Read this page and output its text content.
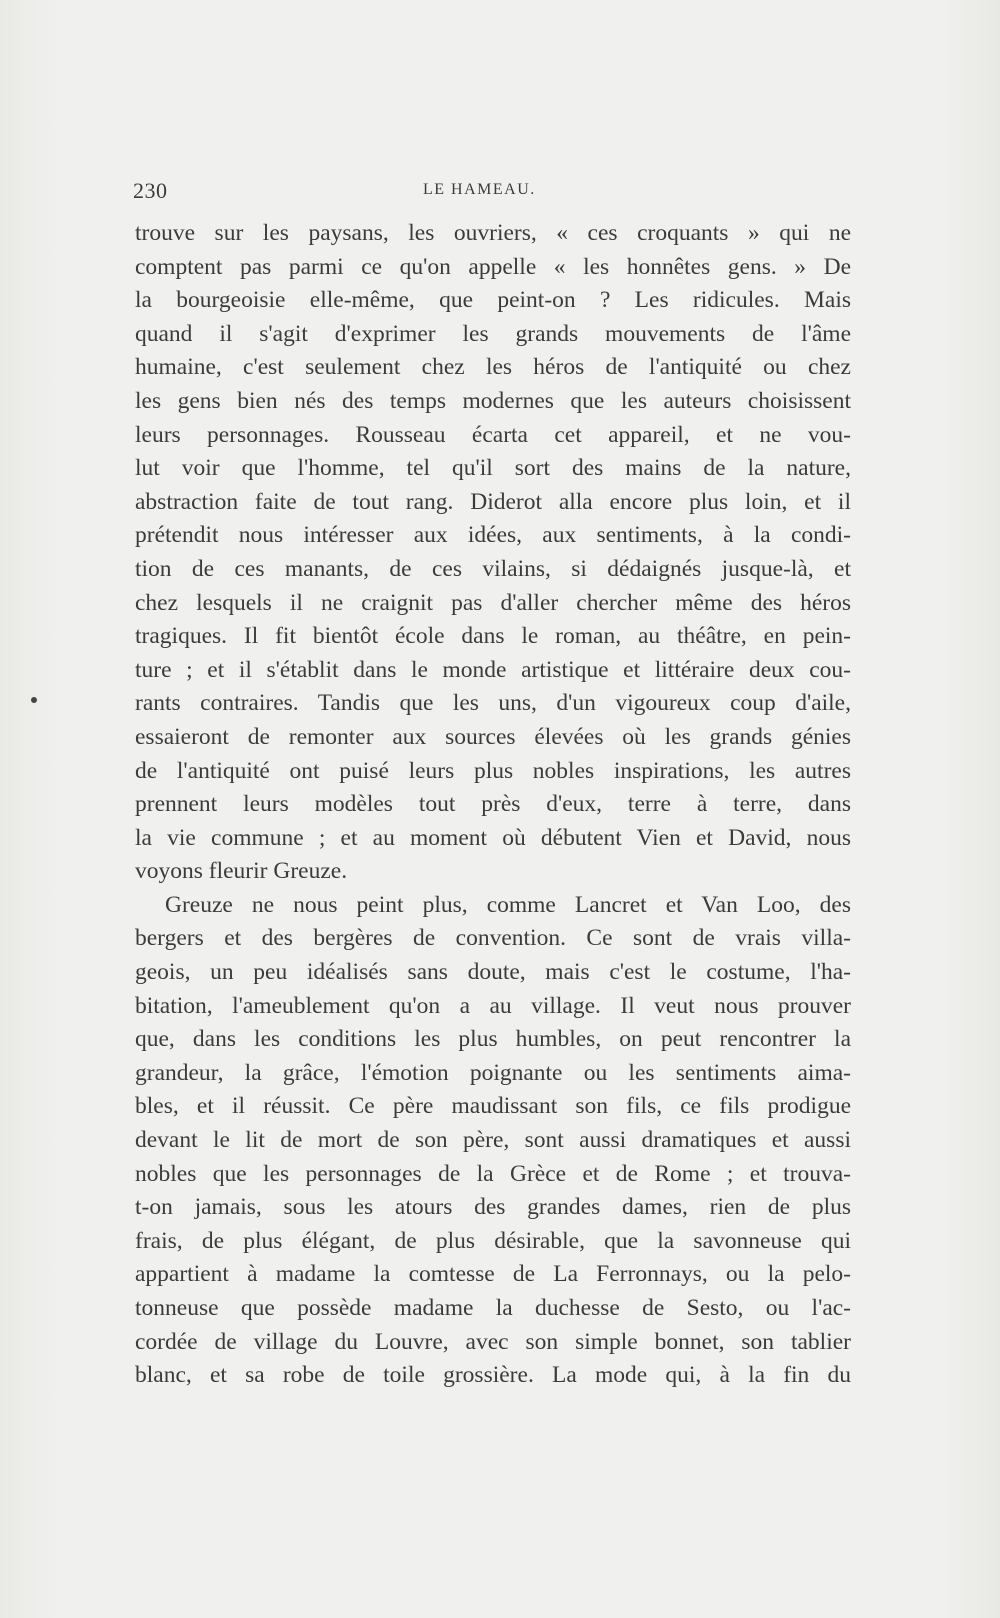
230	LE HAMEAU.
trouve sur les paysans, les ouvriers, « ces croquants » qui ne
comptent pas parmi ce qu'on appelle « les honnêtes gens. » De
la bourgeoisie elle-même, que peint-on ? Les ridicules. Mais
quand il s'agit d'exprimer les grands mouvements de l'âme
humaine, c'est seulement chez les héros de l'antiquité ou chez
les gens bien nés des temps modernes que les auteurs choisissent
leurs personnages. Rousseau écarta cet appareil, et ne vou-
lut voir que l'homme, tel qu'il sort des mains de la nature,
abstraction faite de tout rang. Diderot alla encore plus loin, et il
prétendit nous intéresser aux idées, aux sentiments, à la condi-
tion de ces manants, de ces vilains, si dédaignés jusque-là, et
chez lesquels il ne craignit pas d'aller chercher même des héros
tragiques. Il fit bientôt école dans le roman, au théâtre, en pein-
ture ; et il s'établit dans le monde artistique et littéraire deux cou-
rants contraires. Tandis que les uns, d'un vigoureux coup d'aile,
essaieront de remonter aux sources élevées où les grands génies
de l'antiquité ont puisé leurs plus nobles inspirations, les autres
prennent leurs modèles tout près d'eux, terre à terre, dans
la vie commune ; et au moment où débutent Vien et David, nous
voyons fleurir Greuze.
Greuze ne nous peint plus, comme Lancret et Van Loo, des
bergers et des bergères de convention. Ce sont de vrais villa-
geois, un peu idéalisés sans doute, mais c'est le costume, l'ha-
bitation, l'ameublement qu'on a au village. Il veut nous prouver
que, dans les conditions les plus humbles, on peut rencontrer la
grandeur, la grâce, l'émotion poignante ou les sentiments aima-
bles, et il réussit. Ce père maudissant son fils, ce fils prodigue
devant le lit de mort de son père, sont aussi dramatiques et aussi
nobles que les personnages de la Grèce et de Rome ; et trouva-
t-on jamais, sous les atours des grandes dames, rien de plus
frais, de plus élégant, de plus désirable, que la savonneuse qui
appartient à madame la comtesse de La Ferronnays, ou la pelo-
tonneuse que possède madame la duchesse de Sesto, ou l'ac-
cordée de village du Louvre, avec son simple bonnet, son tablier
blanc, et sa robe de toile grossière. La mode qui, à la fin du
